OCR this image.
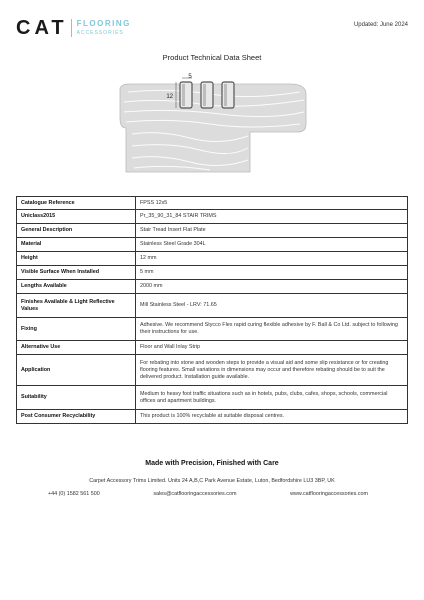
CAT FLOORING
ACCESSORIES
Updated: June 2024
Product Technical Data Sheet
5
12
Catalogue Reference	FPSS 12x5
Uniclass2015	Pr_35_90_31_84 STAIR TRIMS
General Description	Stair Tread Insert Flat Plate
Material	Stainless Steel Grade 304L
Height	12 mm
Visible Surface When Installed	5 mm
Lengths Available	2000 mm
Finishes Available & Light Reflective Values	Mill Stainless Steel - LRV: 71.65
Fixing	Adhesive. We recommend Stycco Flex rapid curing flexible adhesive by F. Ball & Co Ltd. subject to following their instructions for use.
Alternative Use	Floor and Wall Inlay Strip
Application	For rebating into stone and wooden steps to provide a visual aid and some slip resistance or for creating flooring features. Small variations in dimensions may occur and therefore rebating should be to suit the delivered product. Installation guide available.
Suitability	Medium to heavy foot traffic situations such as in hotels, pubs, clubs, cafes, shops, schools, commercial offices and apartment buildings.
Post Consumer Recyclability	This product is 100% recyclable at suitable disposal centres.
Made with Precision, Finished with Care
Carpet Accessory Trims Limited. Units 24 A,B,C Park Avenue Estate, Luton, Bedfordshire LU3 3BP, UK
+44 (0) 1582 561 500	sales@catflooringaccessories.com	www.catflooringaccessories.com
